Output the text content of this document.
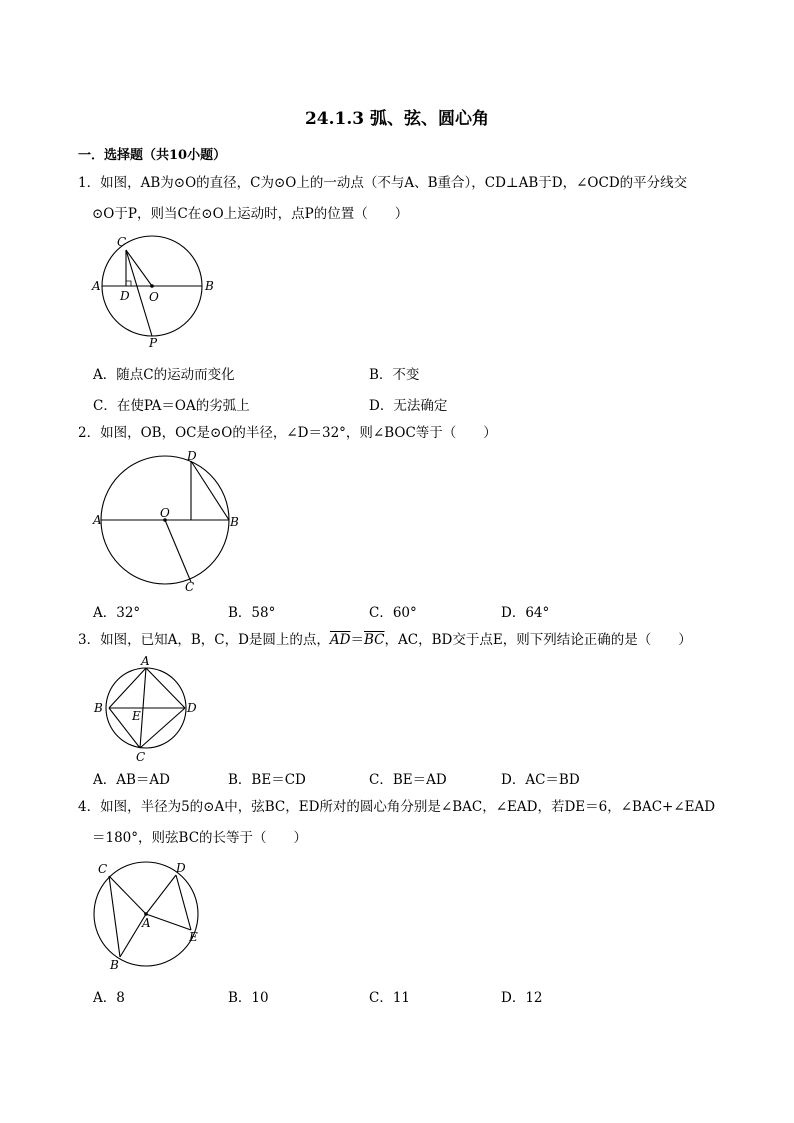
24.1.3 弧、弦、圆心角
一．选择题（共10小题）
1．如图，AB为⊙O的直径，C为⊙O上的一动点（不与A、B重合），CD⊥AB于D，∠OCD的平分线交
⊙O于P，则当C在⊙O上运动时，点P的位置（　　）
C
A
D O
B
P
A．随点C的运动而变化	B．不变
C．在使PA＝OA的劣弧上	D．无法确定
2．如图，OB，OC是⊙O的半径，∠D＝32°，则∠BOC等于（　　）
D
A	O
B
C
A．32°	B．58°	C．60°	D．64°
3．如图，已知A，B，C，D是圆上的点，$\overline{AD}=\overline{BC}$，AC，BD交于点E，则下列结论正确的是（　　）
A
B
E
D
C
A．AB＝AD	B．BE＝CD	C．BE＝AD	D．AC＝BD
4．如图，半径为5的⊙A中，弦BC，ED所对的圆心角分别是∠BAC，∠EAD，若DE＝6，∠BAC+∠EAD
＝180°，则弦BC的长等于（　　）
C	D
A
E
B
A．8	B．10	C．11	D．12
